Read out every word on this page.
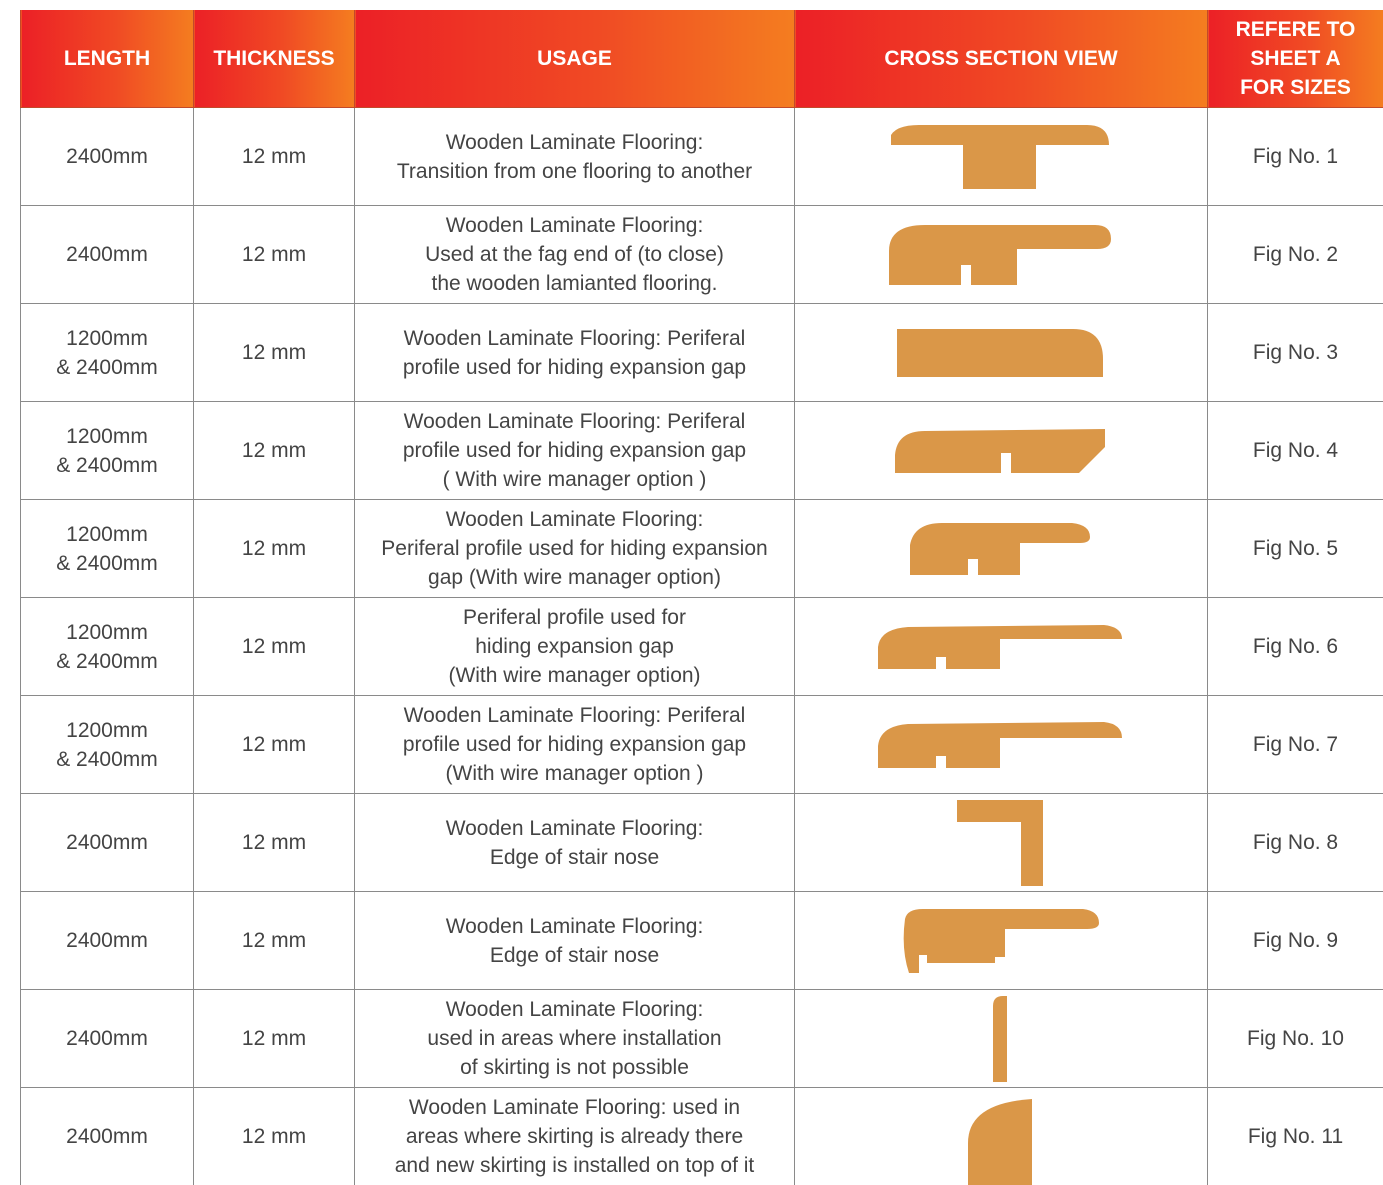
LENGTH	THICKNESS	USAGE	CROSS SECTION VIEW	REFERE TO
SHEET A
FOR SIZES

2400mm	12 mm	Wooden Laminate Flooring:
Transition from one flooring to another		Fig No. 1

2400mm	12 mm	Wooden Laminate Flooring:
Used at the fag end of (to close)
the wooden lamianted flooring.		Fig No. 2

1200mm
& 2400mm	12 mm	Wooden Laminate Flooring: Periferal
profile used for hiding expansion gap		Fig No. 3

1200mm
& 2400mm	12 mm	Wooden Laminate Flooring: Periferal
profile used for hiding expansion gap
( With wire manager option )		Fig No. 4

1200mm
& 2400mm	12 mm	Wooden Laminate Flooring:
Periferal profile used for hiding expansion
gap (With wire manager option)		Fig No. 5

1200mm
& 2400mm	12 mm	Periferal profile used for
hiding expansion gap
(With wire manager option)		Fig No. 6

1200mm
& 2400mm	12 mm	Wooden Laminate Flooring: Periferal
profile used for hiding expansion gap
(With wire manager option )		Fig No. 7

2400mm	12 mm	Wooden Laminate Flooring:
Edge of stair nose		Fig No. 8

2400mm	12 mm	Wooden Laminate Flooring:
Edge of stair nose		Fig No. 9

2400mm	12 mm	Wooden Laminate Flooring:
used in areas where installation
of skirting is not possible		Fig No. 10

2400mm	12 mm	Wooden Laminate Flooring: used in
areas where skirting is already there
and new skirting is installed on top of it		Fig No. 11
